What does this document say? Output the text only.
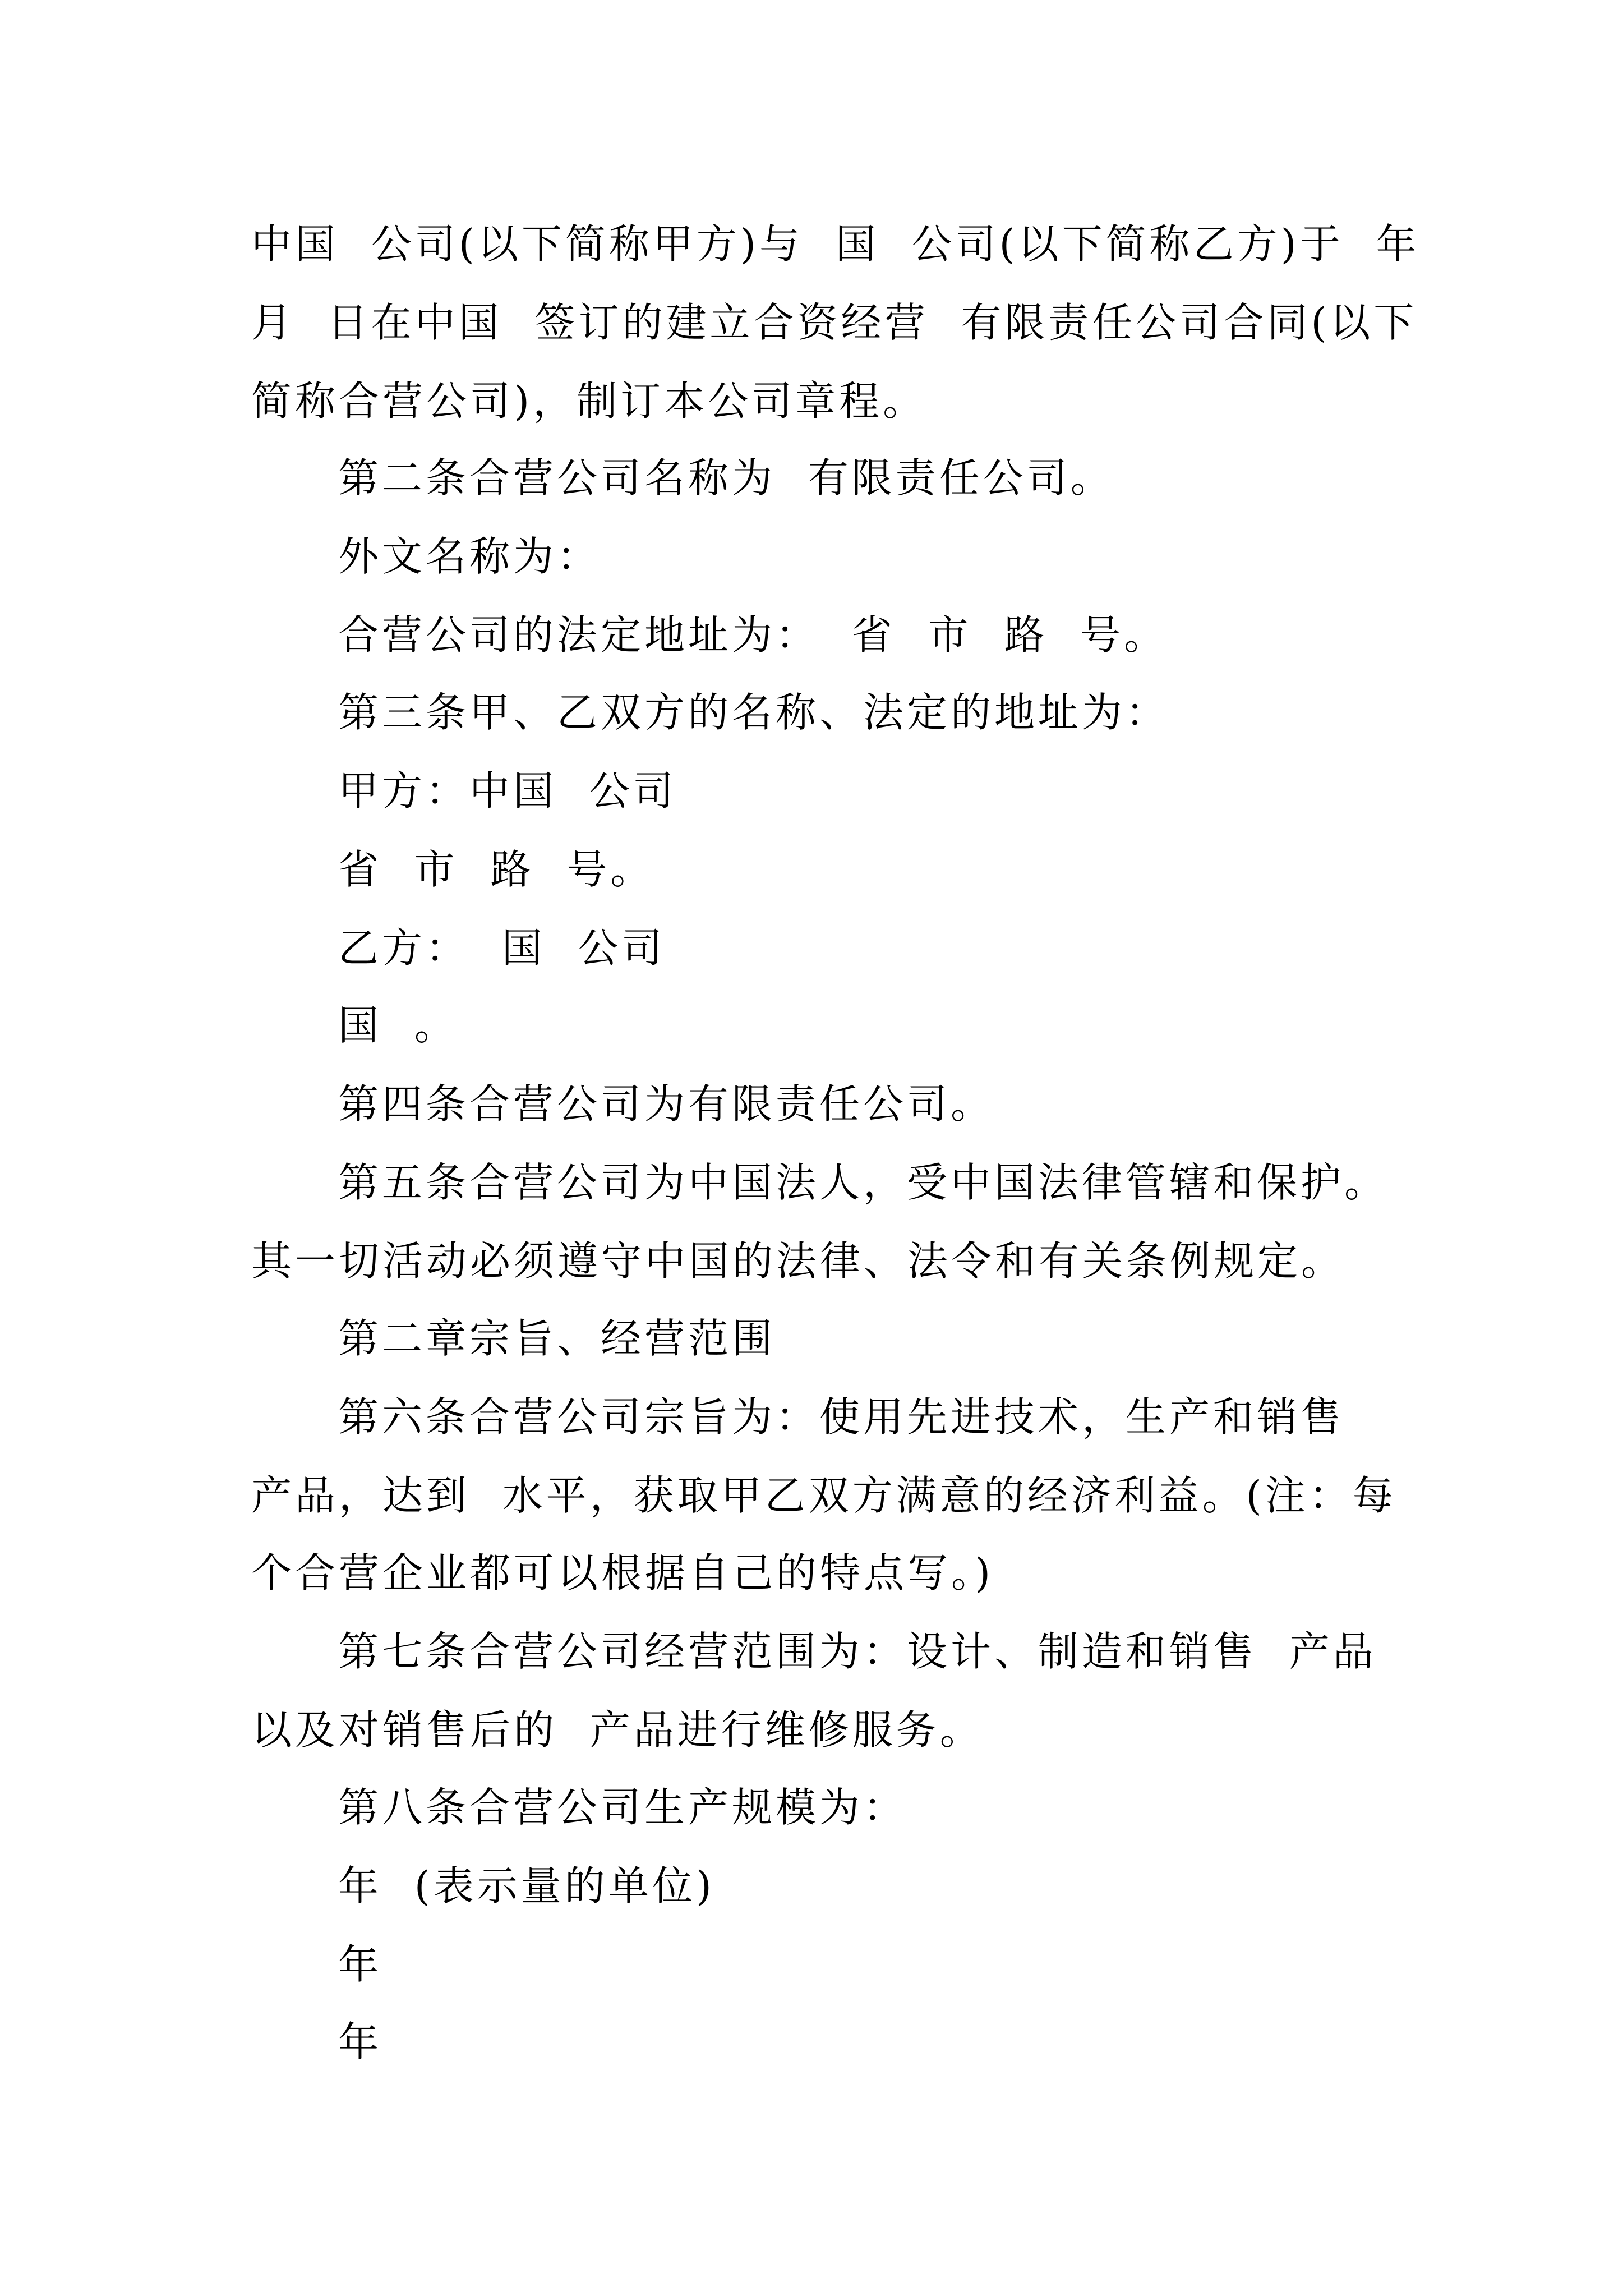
中国  公司(以下简称甲方)与  国  公司(以下简称乙方)于  年
月  日在中国  签订的建立合资经营  有限责任公司合同(以下
简称合营公司)，制订本公司章程。
第二条合营公司名称为  有限责任公司。
外文名称为：
合营公司的法定地址为：  省  市  路  号。
第三条甲、乙双方的名称、法定的地址为：
甲方：中国  公司
省  市  路  号。
乙方：  国  公司
国  。
第四条合营公司为有限责任公司。
第五条合营公司为中国法人，受中国法律管辖和保护。
其一切活动必须遵守中国的法律、法令和有关条例规定。
第二章宗旨、经营范围
第六条合营公司宗旨为：使用先进技术，生产和销售
产品，达到  水平，获取甲乙双方满意的经济利益。(注：每
个合营企业都可以根据自己的特点写。)
第七条合营公司经营范围为：设计、制造和销售  产品
以及对销售后的  产品进行维修服务。
第八条合营公司生产规模为：
年  (表示量的单位)
年
年
